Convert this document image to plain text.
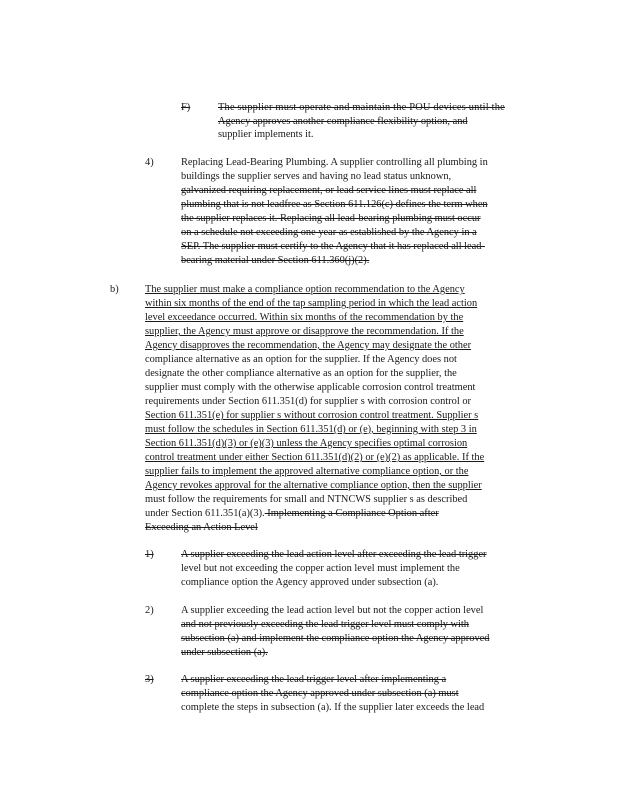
F)	The supplier must operate and maintain the POU devices until the
Agency approves another compliance flexibility option, and
supplier implements it.
4)	Replacing Lead-Bearing Plumbing. A supplier controlling all plumbing in
buildings the supplier serves and having no lead status unknown,
galvanized requiring replacement, or lead service lines must replace all
plumbing that is not leadfree as Section 611.126(c) defines the term when
the supplier replaces it. Replacing all lead-bearing plumbing must occur
on a schedule not exceeding one year as established by the Agency in a
SEP. The supplier must certify to the Agency that it has replaced all lead-
bearing material under Section 611.360(j)(2).
b)	The supplier must make a compliance option recommendation to the Agency
within six months of the end of the tap sampling period in which the lead action
level exceedance occurred. Within six months of the recommendation by the
supplier, the Agency must approve or disapprove the recommendation. If the
Agency disapproves the recommendation, the Agency may designate the other
compliance alternative as an option for the supplier. If the Agency does not
designate the other compliance alternative as an option for the supplier, the
supplier must comply with the otherwise applicable corrosion control treatment
requirements under Section 611.351(d) for supplier s with corrosion control or
Section 611.351(e) for supplier s without corrosion control treatment. Supplier s
must follow the schedules in Section 611.351(d) or (e), beginning with step 3 in
Section 611.351(d)(3) or (e)(3) unless the Agency specifies optimal corrosion
control treatment under either Section 611.351(d)(2) or (e)(2) as applicable. If the
supplier fails to implement the approved alternative compliance option, or the
Agency revokes approval for the alternative compliance option, then the supplier
must follow the requirements for small and NTNCWS supplier s as described
under Section 611.351(a)(3). Implementing a Compliance Option after
Exceeding an Action Level
1)	A supplier exceeding the lead action level after exceeding the lead trigger
level but not exceeding the copper action level must implement the
compliance option the Agency approved under subsection (a).
2)	A supplier exceeding the lead action level but not the copper action level
and not previously exceeding the lead trigger level must comply with
subsection (a) and implement the compliance option the Agency approved
under subsection (a).
3)	A supplier exceeding the lead trigger level after implementing a
compliance option the Agency approved under subsection (a) must
complete the steps in subsection (a). If the supplier later exceeds the lead
